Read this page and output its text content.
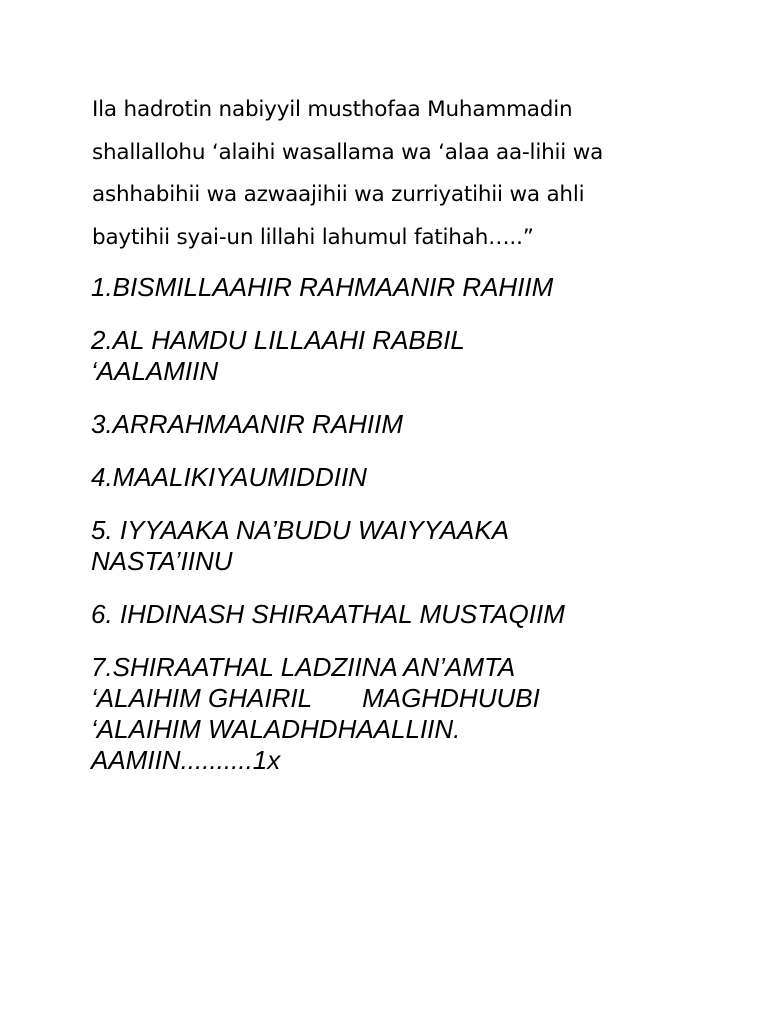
Ila hadrotin nabiyyil musthofaa Muhammadin
shallallohu ‘alaihi wasallama wa ‘alaa aa-lihii wa
ashhabihii wa azwaajihii wa zurriyatihii wa ahli
baytihii syai-un lillahi lahumul fatihah…..”

1.BISMILLAAHIR RAHMAANIR RAHIIM
2.AL HAMDU LILLAAHI RABBIL
‘AALAMIIN
3.ARRAHMAANIR RAHIIM
4.MAALIKIYAUMIDDIIN
5. IYYAAKA NA’BUDU WAIYYAAKA
NASTA’IINU
6. IHDINASH SHIRAATHAL MUSTAQIIM
7.SHIRAATHAL LADZIINA AN’AMTA
‘ALAIHIM GHAIRIL       MAGHDHUUBI
‘ALAIHIM WALADHDHAALLIIN.
AAMIIN..........1x
